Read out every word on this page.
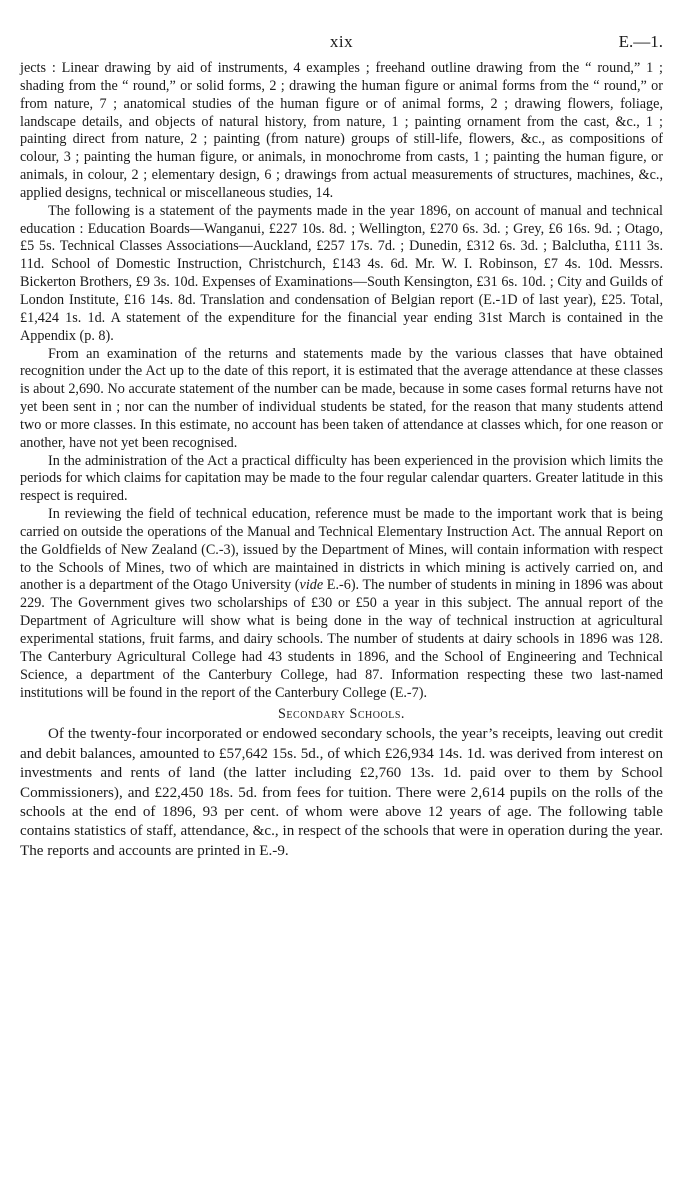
xix	E.—1.

jects : Linear drawing by aid of instruments, 4 examples ; freehand outline drawing from the “ round,” 1 ; shading from the “ round,” or solid forms, 2 ; drawing the human figure or animal forms from the “ round,” or from nature, 7 ; anatomical studies of the human figure or of animal forms, 2 ; drawing flowers, foliage, landscape details, and objects of natural history, from nature, 1 ; painting ornament from the cast, &c., 1 ; painting direct from nature, 2 ; painting (from nature) groups of still-life, flowers, &c., as compositions of colour, 3 ; painting the human figure, or animals, in monochrome from casts, 1 ; painting the human figure, or animals, in colour, 2 ; elementary design, 6 ; drawings from actual measurements of structures, machines, &c., applied designs, technical or miscellaneous studies, 14.

The following is a statement of the payments made in the year 1896, on account of manual and technical education : Education Boards—Wanganui, £227 10s. 8d. ; Wellington, £270 6s. 3d. ; Grey, £6 16s. 9d. ; Otago, £5 5s. Technical Classes Associations—Auckland, £257 17s. 7d. ; Dunedin, £312 6s. 3d. ; Balclutha, £111 3s. 11d. School of Domestic Instruction, Christchurch, £143 4s. 6d. Mr. W. I. Robinson, £7 4s. 10d. Messrs. Bickerton Brothers, £9 3s. 10d. Expenses of Examinations—South Kensington, £31 6s. 10d. ; City and Guilds of London Institute, £16 14s. 8d. Translation and condensation of Belgian report (E.-1D of last year), £25. Total, £1,424 1s. 1d. A statement of the expenditure for the financial year ending 31st March is contained in the Appendix (p. 8).

From an examination of the returns and statements made by the various classes that have obtained recognition under the Act up to the date of this report, it is estimated that the average attendance at these classes is about 2,690. No accurate statement of the number can be made, because in some cases formal returns have not yet been sent in ; nor can the number of individual students be stated, for the reason that many students attend two or more classes. In this estimate, no account has been taken of attendance at classes which, for one reason or another, have not yet been recognised.

In the administration of the Act a practical difficulty has been experienced in the provision which limits the periods for which claims for capitation may be made to the four regular calendar quarters. Greater latitude in this respect is required.

In reviewing the field of technical education, reference must be made to the important work that is being carried on outside the operations of the Manual and Technical Elementary Instruction Act. The annual Report on the Goldfields of New Zealand (C.-3), issued by the Department of Mines, will contain information with respect to the Schools of Mines, two of which are maintained in districts in which mining is actively carried on, and another is a department of the Otago University (vide E.-6). The number of students in mining in 1896 was about 229. The Government gives two scholarships of £30 or £50 a year in this subject. The annual report of the Department of Agriculture will show what is being done in the way of technical instruction at agricultural experimental stations, fruit farms, and dairy schools. The number of students at dairy schools in 1896 was 128. The Canterbury Agricultural College had 43 students in 1896, and the School of Engineering and Technical Science, a department of the Canterbury College, had 87. Information respecting these two last-named institutions will be found in the report of the Canterbury College (E.-7).

Secondary Schools.

Of the twenty-four incorporated or endowed secondary schools, the year’s receipts, leaving out credit and debit balances, amounted to £57,642 15s. 5d., of which £26,934 14s. 1d. was derived from interest on investments and rents of land (the latter including £2,760 13s. 1d. paid over to them by School Commissioners), and £22,450 18s. 5d. from fees for tuition. There were 2,614 pupils on the rolls of the schools at the end of 1896, 93 per cent. of whom were above 12 years of age. The following table contains statistics of staff, attendance, &c., in respect of the schools that were in operation during the year. The reports and accounts are printed in E.-9.
